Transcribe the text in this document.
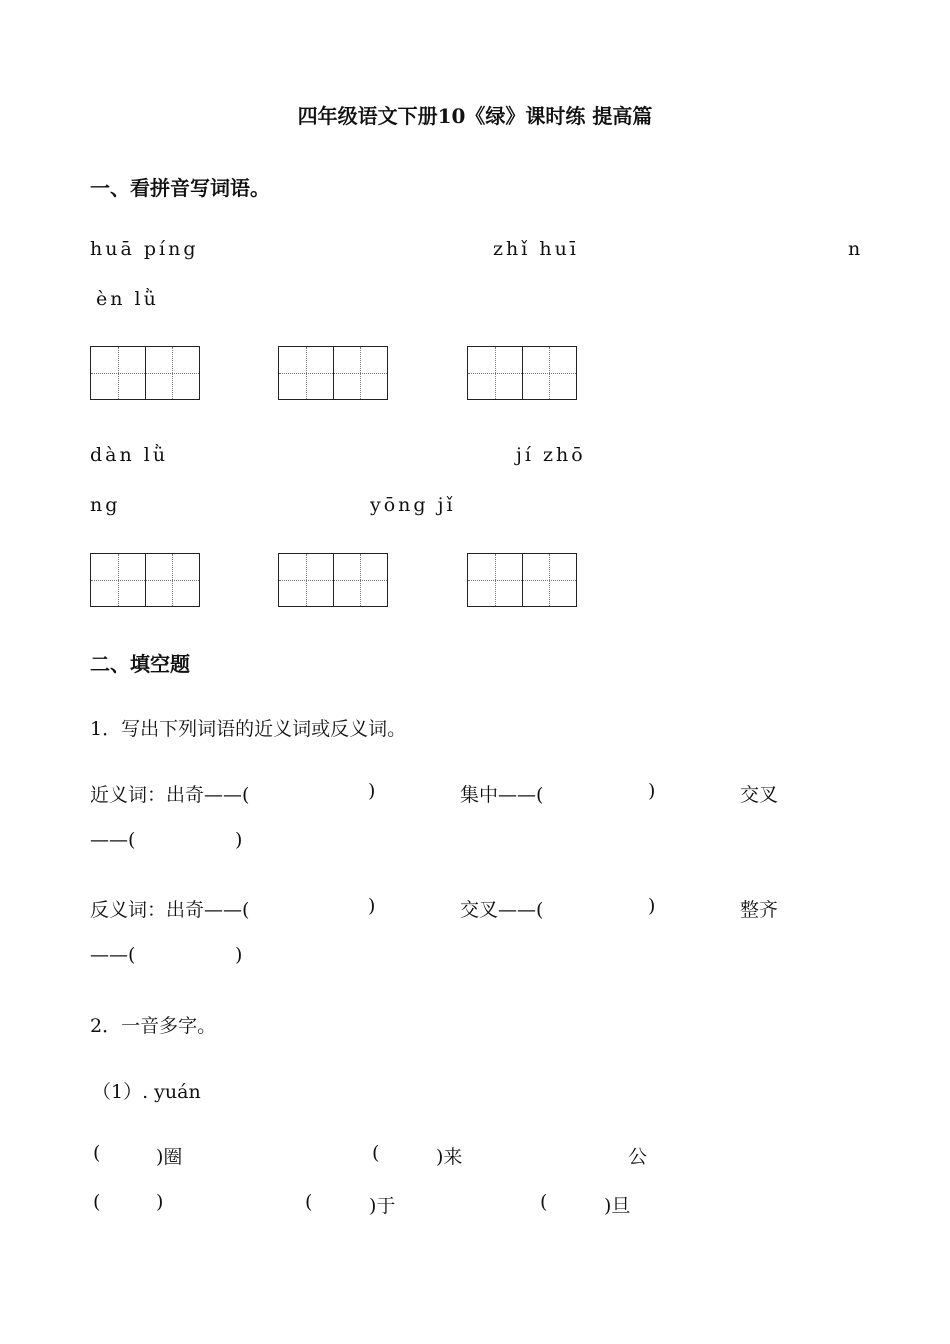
四年级语文下册10《绿》课时练 提高篇
一、看拼音写词语。
huā píng	zhǐ huī	n
èn lǜ
dàn lǜ	jí zhō
ng	yōng jǐ
二、填空题
1．写出下列词语的近义词或反义词。
近义词：出奇——(	)	集中——(	)	交叉
——(	)
反义词：出奇——(	)	交叉——(	)	整齐
——(	)
2．一音多字。
（1）. yuán
(	)圈	(	)来	公
(	)	(	)于	(	)旦
